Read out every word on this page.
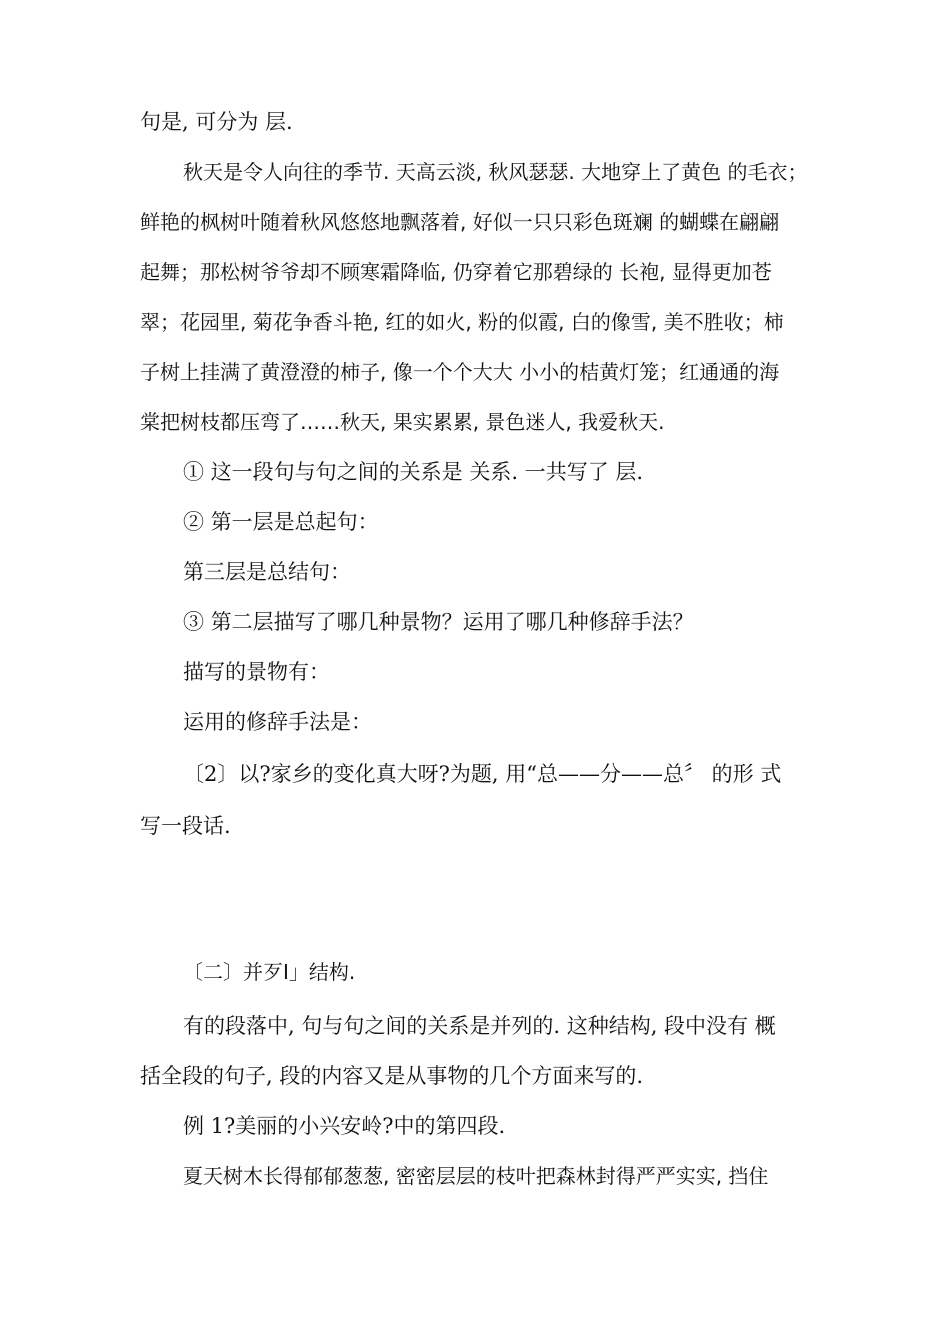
句是, 可分为 层.
秋天是令人向往的季节. 天高云淡, 秋风瑟瑟. 大地穿上了黄色 的毛衣；
鲜艳的枫树叶随着秋风悠悠地飘落着, 好似一只只彩色斑斓 的蝴蝶在翩翩
起舞；那松树爷爷却不顾寒霜降临, 仍穿着它那碧绿的 长袍, 显得更加苍
翠；花园里, 菊花争香斗艳, 红的如火, 粉的似霞, 白的像雪, 美不胜收；柿
子树上挂满了黄澄澄的柿子, 像一个个大大 小小的桔黄灯笼；红通通的海
棠把树枝都压弯了……秋天, 果实累累, 景色迷人, 我爱秋天.
① 这一段句与句之间的关系是 关系. 一共写了 层.
② 第一层是总起句：
第三层是总结句：
③ 第二层描写了哪几种景物？运用了哪几种修辞手法？
描写的景物有：
运用的修辞手法是：
〔2〕以?家乡的变化真大呀?为题, 用“总——分——总〞 的形 式
写一段话.
〔二〕并歹I」结构.
有的段落中, 句与句之间的关系是并列的. 这种结构, 段中没有 概
括全段的句子, 段的内容又是从事物的几个方面来写的.
例 1?美丽的小兴安岭?中的第四段.
夏天树木长得郁郁葱葱, 密密层层的枝叶把森林封得严严实实, 挡住
